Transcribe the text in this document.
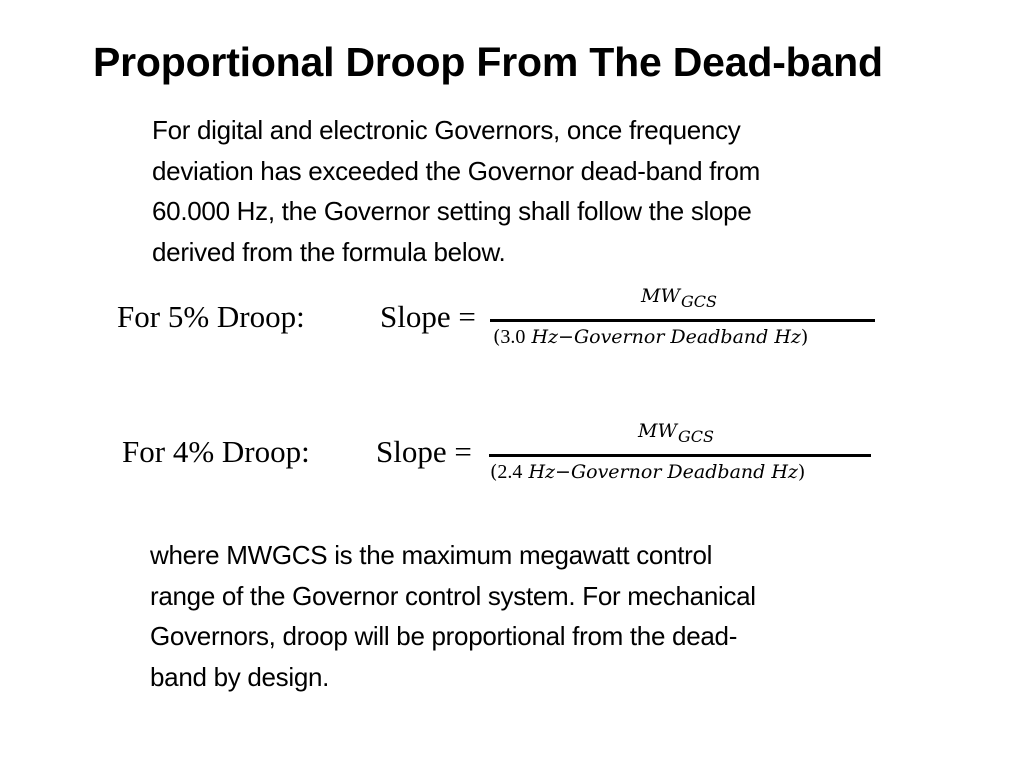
Proportional Droop From The Dead-band
For digital and electronic Governors, once frequency
deviation has exceeded the Governor dead-band from
60.000 Hz, the Governor setting shall follow the slope
derived from the formula below.
For 5% Droop: Slope =
$MW_{GCS}$
(3.0 Hz−Governor Deadband Hz)
For 4% Droop: Slope =
$MW_{GCS}$
(2.4 Hz−Governor Deadband Hz)
where MWGCS is the maximum megawatt control
range of the Governor control system. For mechanical
Governors, droop will be proportional from the dead-
band by design.
